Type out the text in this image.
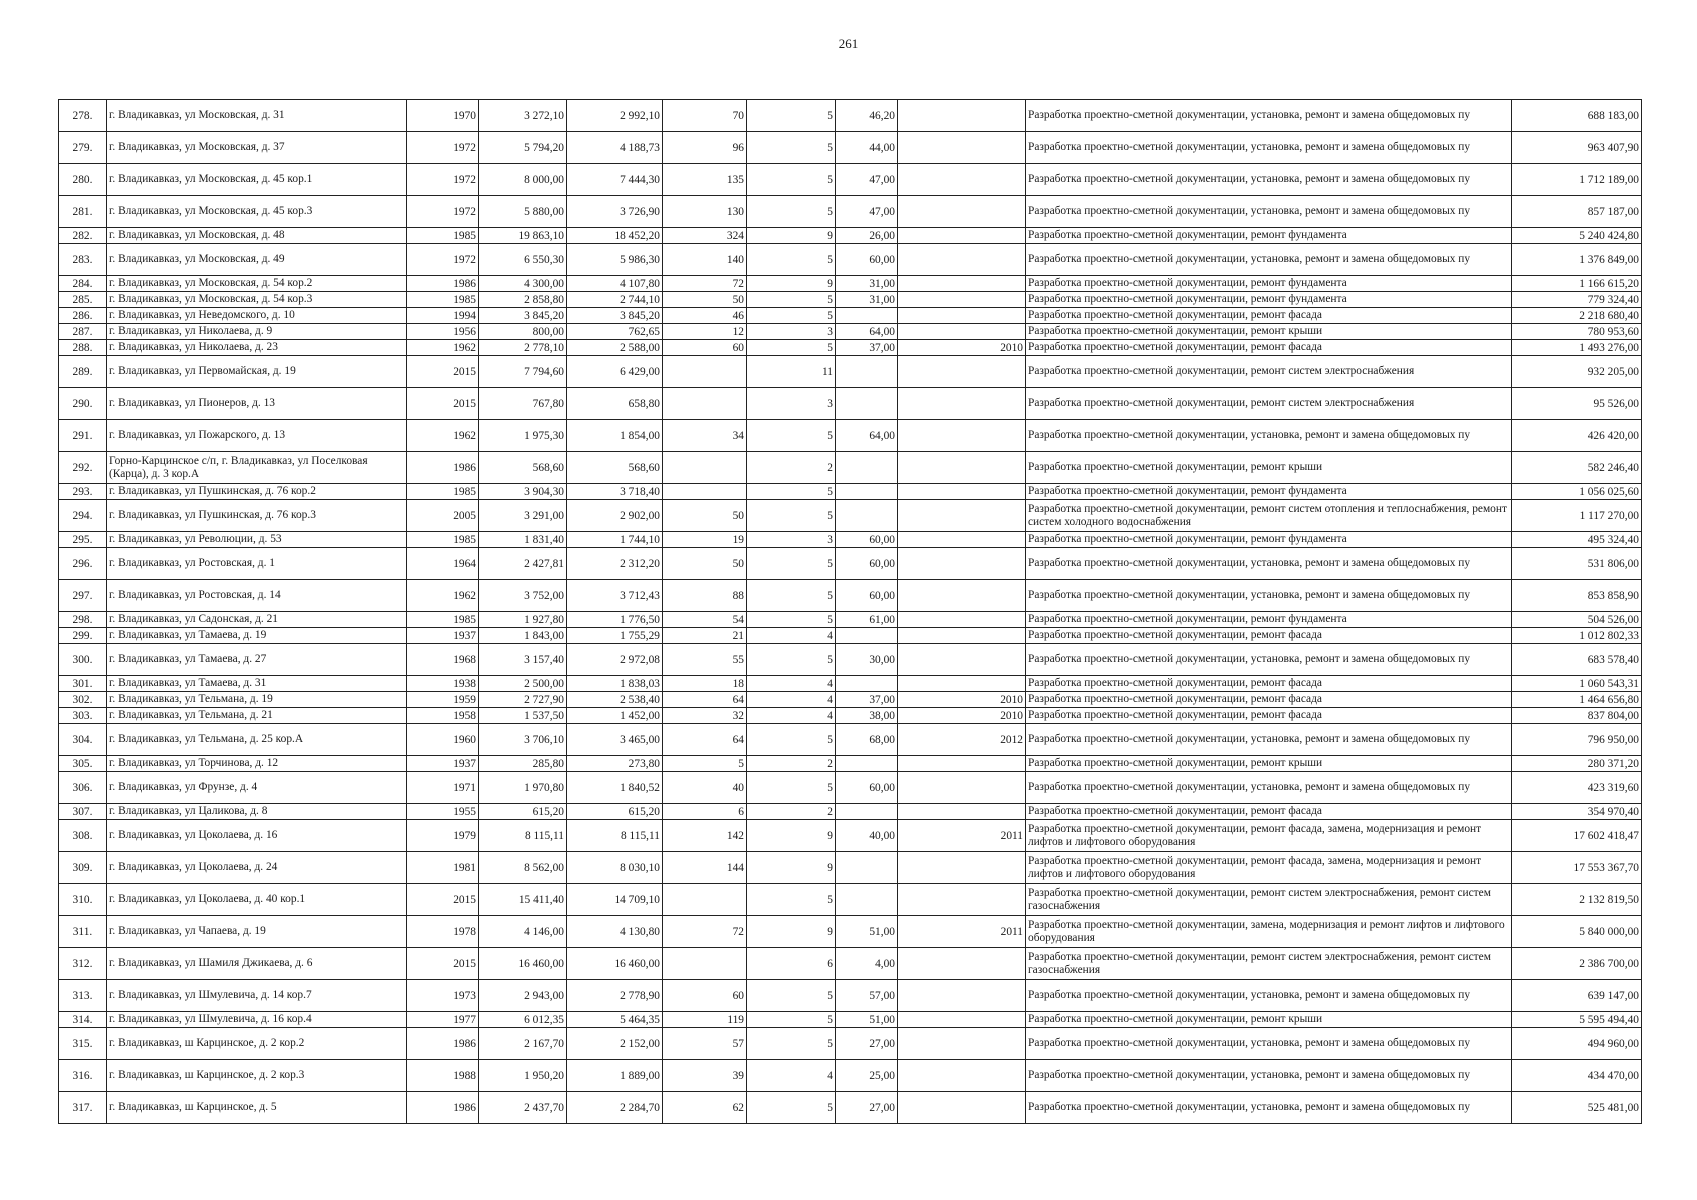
261
278.	г. Владикавказ, ул Московская, д. 31	1970	3 272,10	2 992,10	70	5	46,20		Разработка проектно-сметной документации, установка, ремонт и замена общедомовых пу	688 183,00
279.	г. Владикавказ, ул Московская, д. 37	1972	5 794,20	4 188,73	96	5	44,00		Разработка проектно-сметной документации, установка, ремонт и замена общедомовых пу	963 407,90
280.	г. Владикавказ, ул Московская, д. 45 кор.1	1972	8 000,00	7 444,30	135	5	47,00		Разработка проектно-сметной документации, установка, ремонт и замена общедомовых пу	1 712 189,00
281.	г. Владикавказ, ул Московская, д. 45 кор.3	1972	5 880,00	3 726,90	130	5	47,00		Разработка проектно-сметной документации, установка, ремонт и замена общедомовых пу	857 187,00
282.	г. Владикавказ, ул Московская, д. 48	1985	19 863,10	18 452,20	324	9	26,00		Разработка проектно-сметной документации, ремонт фундамента	5 240 424,80
283.	г. Владикавказ, ул Московская, д. 49	1972	6 550,30	5 986,30	140	5	60,00		Разработка проектно-сметной документации, установка, ремонт и замена общедомовых пу	1 376 849,00
284.	г. Владикавказ, ул Московская, д. 54 кор.2	1986	4 300,00	4 107,80	72	9	31,00		Разработка проектно-сметной документации, ремонт фундамента	1 166 615,20
285.	г. Владикавказ, ул Московская, д. 54 кор.3	1985	2 858,80	2 744,10	50	5	31,00		Разработка проектно-сметной документации, ремонт фундамента	779 324,40
286.	г. Владикавказ, ул Неведомского, д. 10	1994	3 845,20	3 845,20	46	5			Разработка проектно-сметной документации, ремонт фасада	2 218 680,40
287.	г. Владикавказ, ул Николаева, д. 9	1956	800,00	762,65	12	3	64,00		Разработка проектно-сметной документации, ремонт крыши	780 953,60
288.	г. Владикавказ, ул Николаева, д. 23	1962	2 778,10	2 588,00	60	5	37,00	2010	Разработка проектно-сметной документации, ремонт фасада	1 493 276,00
289.	г. Владикавказ, ул Первомайская, д. 19	2015	7 794,60	6 429,00		11			Разработка проектно-сметной документации, ремонт систем электроснабжения	932 205,00
290.	г. Владикавказ, ул Пионеров, д. 13	2015	767,80	658,80		3			Разработка проектно-сметной документации, ремонт систем электроснабжения	95 526,00
291.	г. Владикавказ, ул Пожарского, д. 13	1962	1 975,30	1 854,00	34	5	64,00		Разработка проектно-сметной документации, установка, ремонт и замена общедомовых пу	426 420,00
292.	Горно-Карцинское с/п, г. Владикавказ, ул Поселковая (Карца), д. 3 кор.А	1986	568,60	568,60		2			Разработка проектно-сметной документации, ремонт крыши	582 246,40
293.	г. Владикавказ, ул Пушкинская, д. 76 кор.2	1985	3 904,30	3 718,40		5			Разработка проектно-сметной документации, ремонт фундамента	1 056 025,60
294.	г. Владикавказ, ул Пушкинская, д. 76 кор.3	2005	3 291,00	2 902,00	50	5			Разработка проектно-сметной документации, ремонт систем отопления и теплоснабжения, ремонт систем холодного водоснабжения	1 117 270,00
295.	г. Владикавказ, ул Революции, д. 53	1985	1 831,40	1 744,10	19	3	60,00		Разработка проектно-сметной документации, ремонт фундамента	495 324,40
296.	г. Владикавказ, ул Ростовская, д. 1	1964	2 427,81	2 312,20	50	5	60,00		Разработка проектно-сметной документации, установка, ремонт и замена общедомовых пу	531 806,00
297.	г. Владикавказ, ул Ростовская, д. 14	1962	3 752,00	3 712,43	88	5	60,00		Разработка проектно-сметной документации, установка, ремонт и замена общедомовых пу	853 858,90
298.	г. Владикавказ, ул Садонская, д. 21	1985	1 927,80	1 776,50	54	5	61,00		Разработка проектно-сметной документации, ремонт фундамента	504 526,00
299.	г. Владикавказ, ул Тамаева, д. 19	1937	1 843,00	1 755,29	21	4			Разработка проектно-сметной документации, ремонт фасада	1 012 802,33
300.	г. Владикавказ, ул Тамаева, д. 27	1968	3 157,40	2 972,08	55	5	30,00		Разработка проектно-сметной документации, установка, ремонт и замена общедомовых пу	683 578,40
301.	г. Владикавказ, ул Тамаева, д. 31	1938	2 500,00	1 838,03	18	4			Разработка проектно-сметной документации, ремонт фасада	1 060 543,31
302.	г. Владикавказ, ул Тельмана, д. 19	1959	2 727,90	2 538,40	64	4	37,00	2010	Разработка проектно-сметной документации, ремонт фасада	1 464 656,80
303.	г. Владикавказ, ул Тельмана, д. 21	1958	1 537,50	1 452,00	32	4	38,00	2010	Разработка проектно-сметной документации, ремонт фасада	837 804,00
304.	г. Владикавказ, ул Тельмана, д. 25 кор.А	1960	3 706,10	3 465,00	64	5	68,00	2012	Разработка проектно-сметной документации, установка, ремонт и замена общедомовых пу	796 950,00
305.	г. Владикавказ, ул Торчинова, д. 12	1937	285,80	273,80	5	2			Разработка проектно-сметной документации, ремонт крыши	280 371,20
306.	г. Владикавказ, ул Фрунзе, д. 4	1971	1 970,80	1 840,52	40	5	60,00		Разработка проектно-сметной документации, установка, ремонт и замена общедомовых пу	423 319,60
307.	г. Владикавказ, ул Цаликова, д. 8	1955	615,20	615,20	6	2			Разработка проектно-сметной документации, ремонт фасада	354 970,40
308.	г. Владикавказ, ул Цоколаева, д. 16	1979	8 115,11	8 115,11	142	9	40,00	2011	Разработка проектно-сметной документации, ремонт фасада, замена, модернизация и ремонт лифтов и лифтового оборудования	17 602 418,47
309.	г. Владикавказ, ул Цоколаева, д. 24	1981	8 562,00	8 030,10	144	9			Разработка проектно-сметной документации, ремонт фасада, замена, модернизация и ремонт лифтов и лифтового оборудования	17 553 367,70
310.	г. Владикавказ, ул Цоколаева, д. 40 кор.1	2015	15 411,40	14 709,10		5			Разработка проектно-сметной документации, ремонт систем электроснабжения, ремонт систем газоснабжения	2 132 819,50
311.	г. Владикавказ, ул Чапаева, д. 19	1978	4 146,00	4 130,80	72	9	51,00	2011	Разработка проектно-сметной документации, замена, модернизация и ремонт лифтов и лифтового оборудования	5 840 000,00
312.	г. Владикавказ, ул Шамиля Джикаева, д. 6	2015	16 460,00	16 460,00		6	4,00		Разработка проектно-сметной документации, ремонт систем электроснабжения, ремонт систем газоснабжения	2 386 700,00
313.	г. Владикавказ, ул Шмулевича, д. 14 кор.7	1973	2 943,00	2 778,90	60	5	57,00		Разработка проектно-сметной документации, установка, ремонт и замена общедомовых пу	639 147,00
314.	г. Владикавказ, ул Шмулевича, д. 16 кор.4	1977	6 012,35	5 464,35	119	5	51,00		Разработка проектно-сметной документации, ремонт крыши	5 595 494,40
315.	г. Владикавказ, ш Карцинское, д. 2 кор.2	1986	2 167,70	2 152,00	57	5	27,00		Разработка проектно-сметной документации, установка, ремонт и замена общедомовых пу	494 960,00
316.	г. Владикавказ, ш Карцинское, д. 2 кор.3	1988	1 950,20	1 889,00	39	4	25,00		Разработка проектно-сметной документации, установка, ремонт и замена общедомовых пу	434 470,00
317.	г. Владикавказ, ш Карцинское, д. 5	1986	2 437,70	2 284,70	62	5	27,00		Разработка проектно-сметной документации, установка, ремонт и замена общедомовых пу	525 481,00
